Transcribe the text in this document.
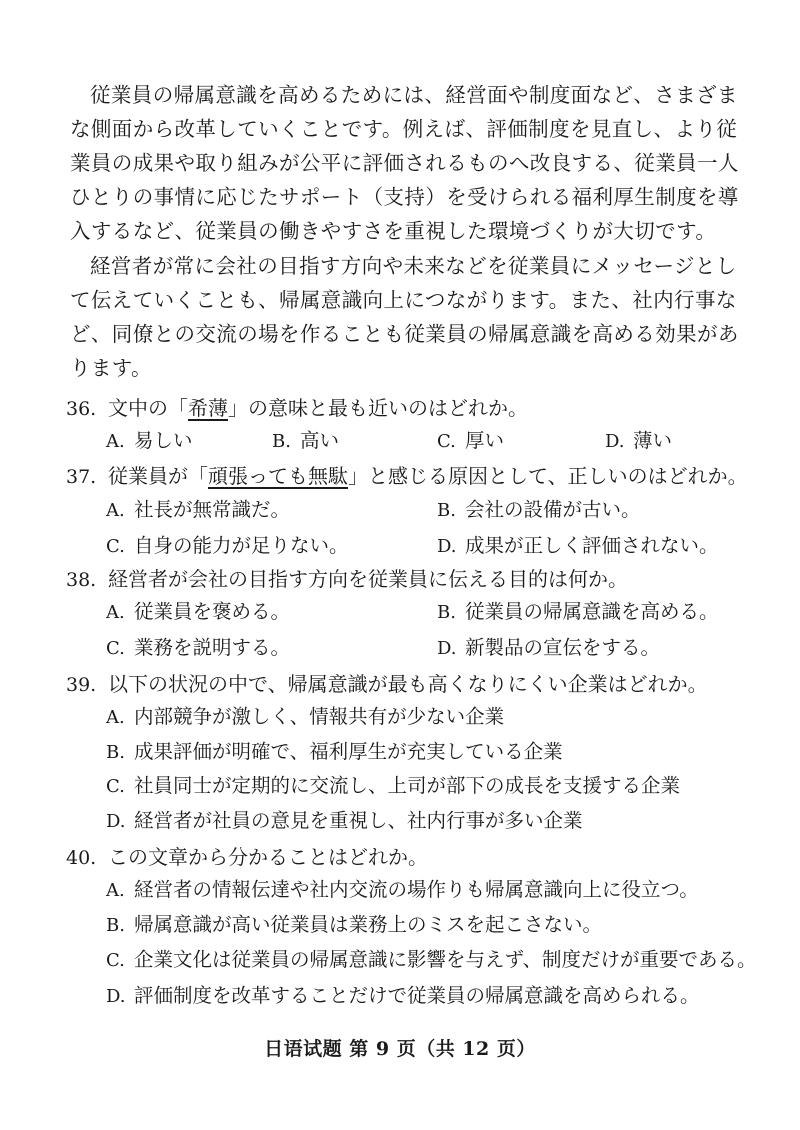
従業員の帰属意識を高めるためには、経営面や制度面など、さまざまな側面から改革していくことです。例えば、評価制度を見直し、より従業員の成果や取り組みが公平に評価されるものへ改良する、従業員一人ひとりの事情に応じたサポート（支持）を受けられる福利厚生制度を導入するなど、従業員の働きやすさを重視した環境づくりが大切です。

経営者が常に会社の目指す方向や未来などを従業員にメッセージとして伝えていくことも、帰属意識向上につながります。また、社内行事など、同僚との交流の場を作ることも従業員の帰属意識を高める効果があります。

36. 文中の「希薄」の意味と最も近いのはどれか。
A. 易しい	B. 高い	C. 厚い	D. 薄い
37. 従業員が「頑張っても無駄」と感じる原因として、正しいのはどれか。
A. 社長が無常識だ。	B. 会社の設備が古い。
C. 自身の能力が足りない。	D. 成果が正しく評価されない。
38. 経営者が会社の目指す方向を従業員に伝える目的は何か。
A. 従業員を褒める。	B. 従業員の帰属意識を高める。
C. 業務を説明する。	D. 新製品の宣伝をする。
39. 以下の状況の中で、帰属意識が最も高くなりにくい企業はどれか。
A. 内部競争が激しく、情報共有が少ない企業
B. 成果評価が明確で、福利厚生が充実している企業
C. 社員同士が定期的に交流し、上司が部下の成長を支援する企業
D. 経営者が社員の意見を重視し、社内行事が多い企業
40. この文章から分かることはどれか。
A. 経営者の情報伝達や社内交流の場作りも帰属意識向上に役立つ。
B. 帰属意識が高い従業員は業務上のミスを起こさない。
C. 企業文化は従業員の帰属意識に影響を与えず、制度だけが重要である。
D. 評価制度を改革することだけで従業員の帰属意識を高められる。
日语试题 第 9 页（共 12 页）
